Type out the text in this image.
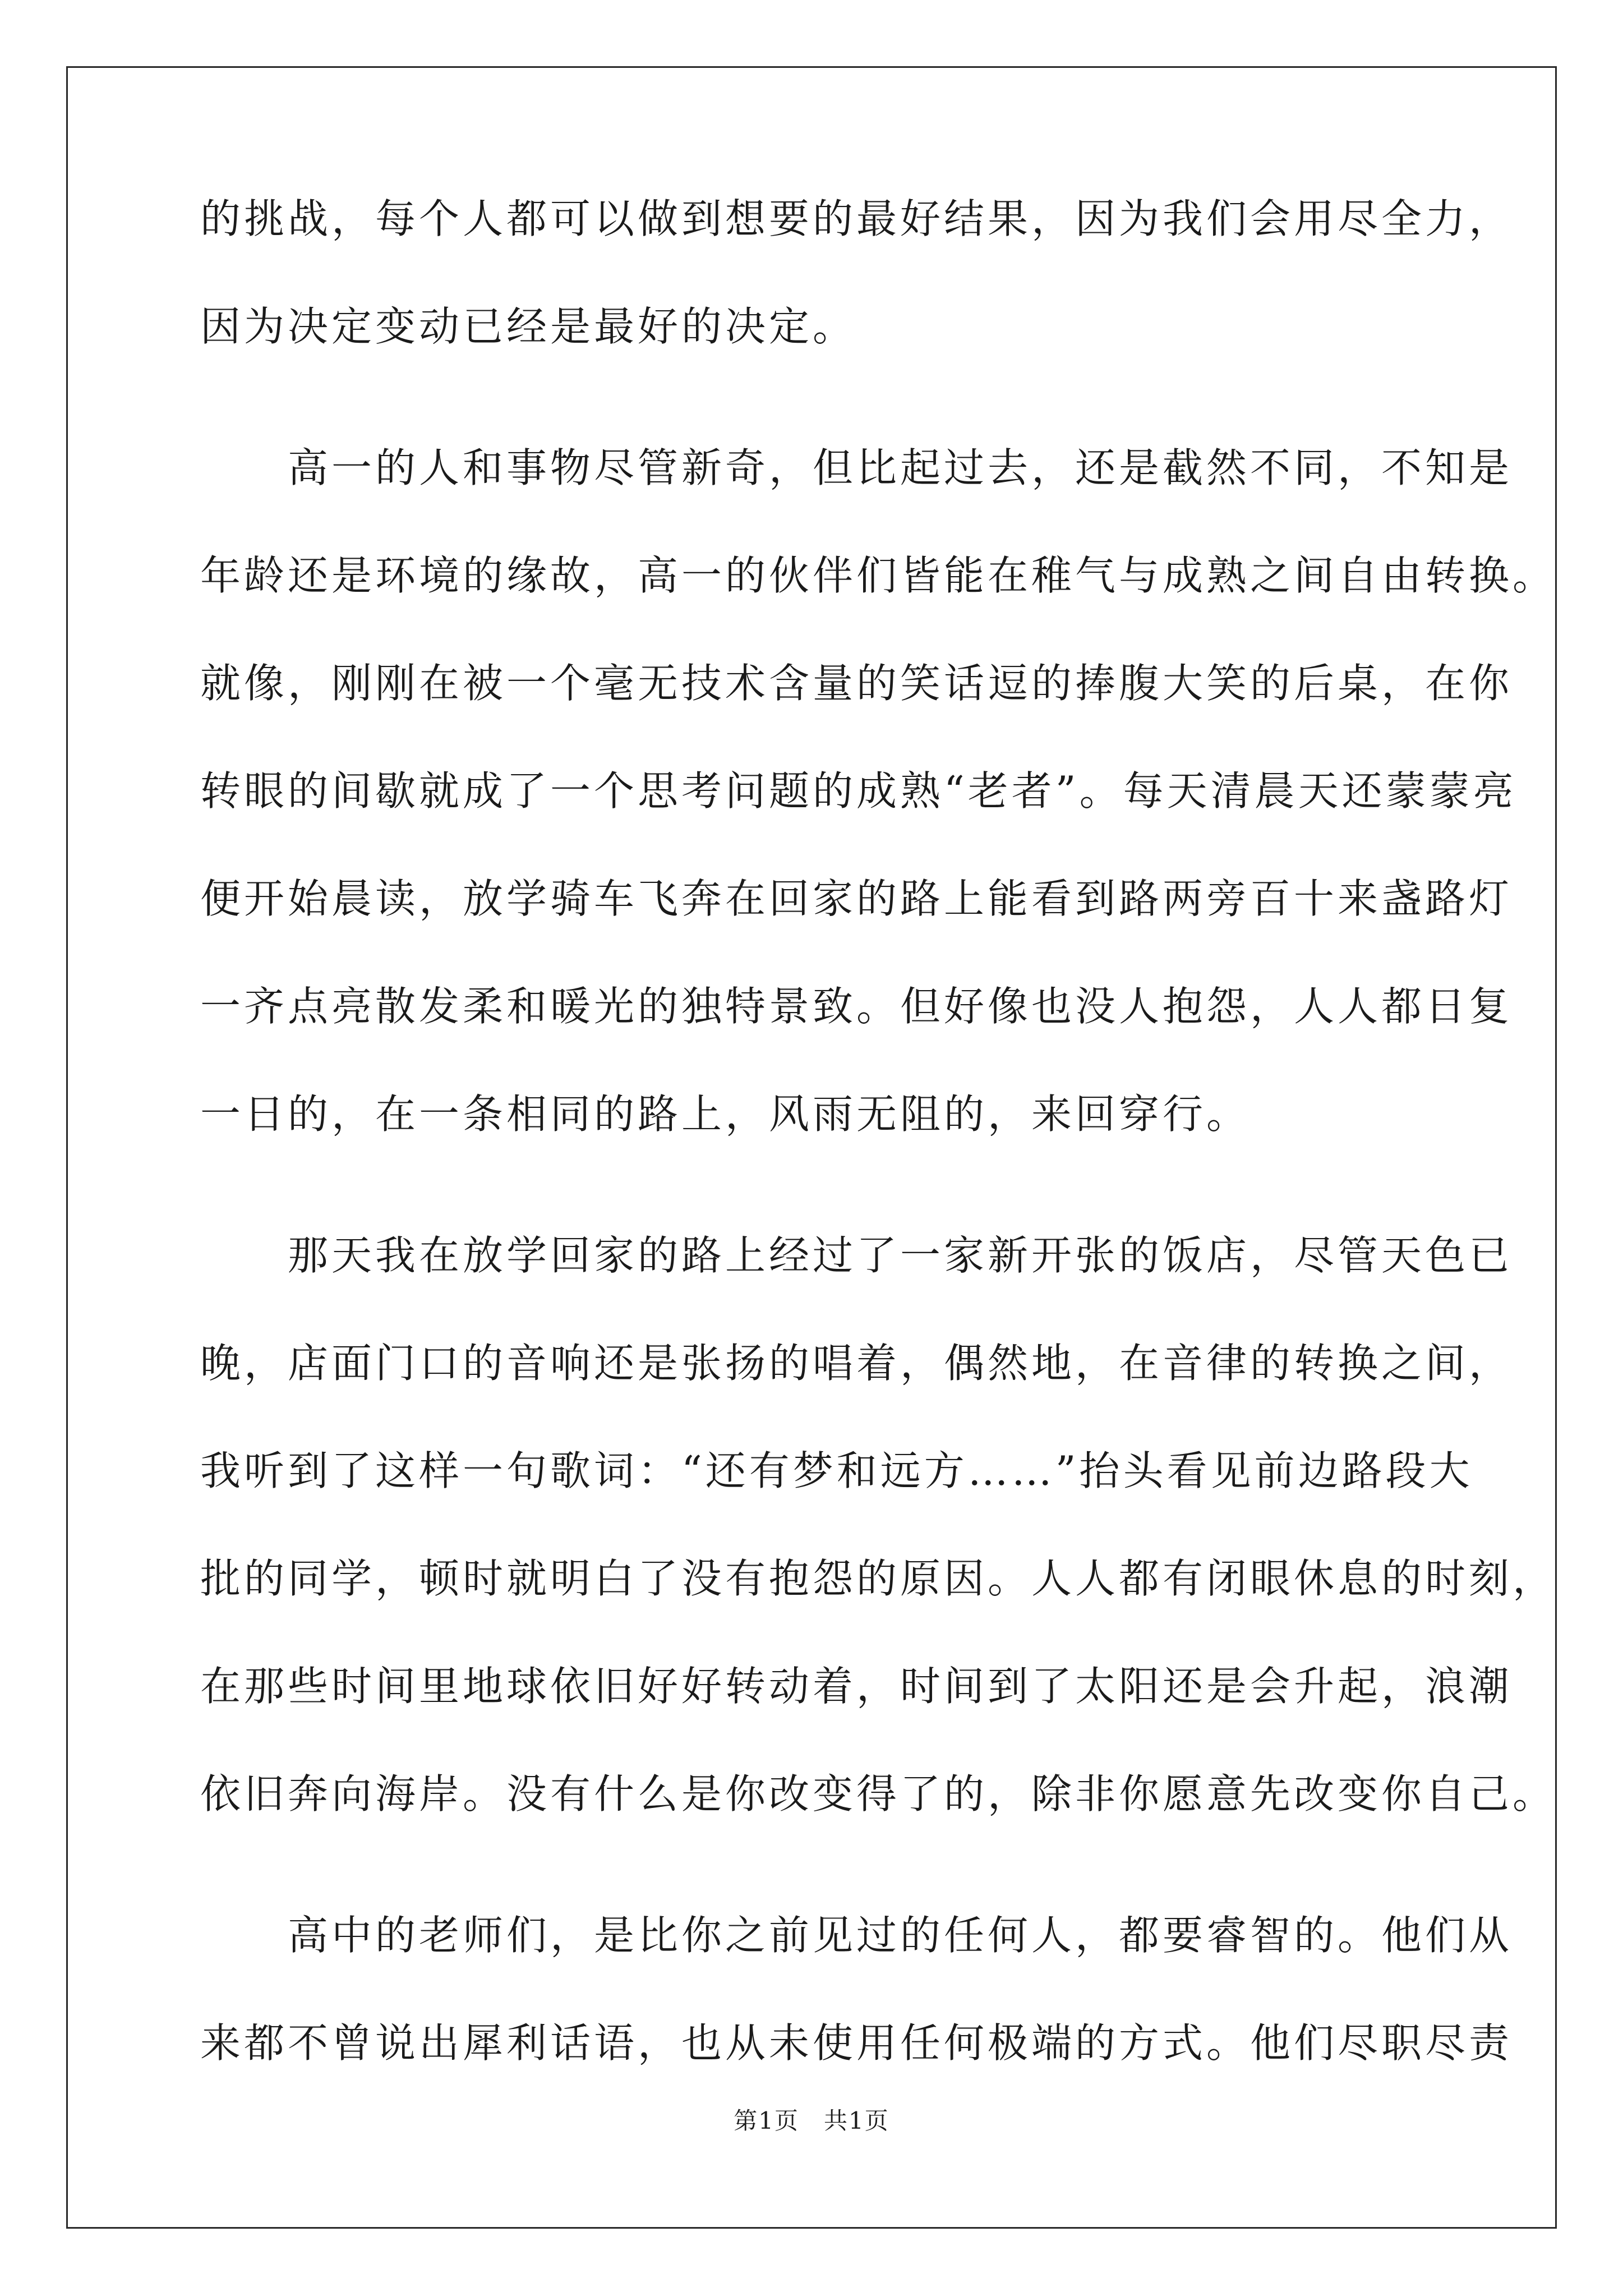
的挑战，每个人都可以做到想要的最好结果，因为我们会用尽全力，
因为决定变动已经是最好的决定。
　　高一的人和事物尽管新奇，但比起过去，还是截然不同，不知是
年龄还是环境的缘故，高一的伙伴们皆能在稚气与成熟之间自由转换。
就像，刚刚在被一个毫无技术含量的笑话逗的捧腹大笑的后桌，在你
转眼的间歇就成了一个思考问题的成熟“老者”。每天清晨天还蒙蒙亮
便开始晨读，放学骑车飞奔在回家的路上能看到路两旁百十来盏路灯
一齐点亮散发柔和暖光的独特景致。但好像也没人抱怨，人人都日复
一日的，在一条相同的路上，风雨无阻的，来回穿行。
　　那天我在放学回家的路上经过了一家新开张的饭店，尽管天色已
晚，店面门口的音响还是张扬的唱着，偶然地，在音律的转换之间，
我听到了这样一句歌词：“还有梦和远方……”抬头看见前边路段大
批的同学，顿时就明白了没有抱怨的原因。人人都有闭眼休息的时刻，
在那些时间里地球依旧好好转动着，时间到了太阳还是会升起，浪潮
依旧奔向海岸。没有什么是你改变得了的，除非你愿意先改变你自己。
　　高中的老师们，是比你之前见过的任何人，都要睿智的。他们从
来都不曾说出犀利话语，也从未使用任何极端的方式。他们尽职尽责
第1页　共1页
